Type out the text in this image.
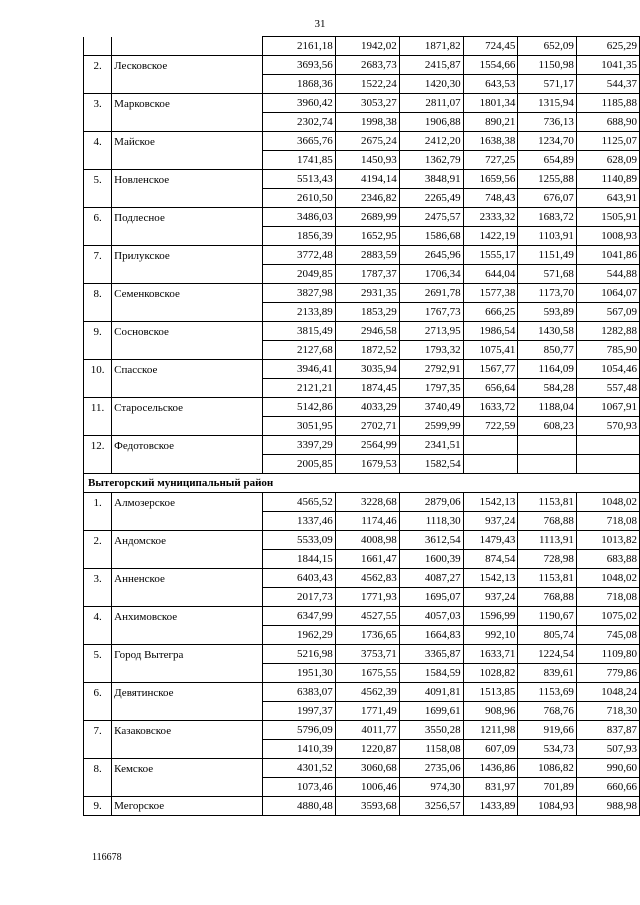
31
		2161,18	1942,02	1871,82	724,45	652,09	625,29
2.	Лесковское	3693,56	2683,73	2415,87	1554,66	1150,98	1041,35
		1868,36	1522,24	1420,30	643,53	571,17	544,37
3.	Марковское	3960,42	3053,27	2811,07	1801,34	1315,94	1185,88
		2302,74	1998,38	1906,88	890,21	736,13	688,90
4.	Майское	3665,76	2675,24	2412,20	1638,38	1234,70	1125,07
		1741,85	1450,93	1362,79	727,25	654,89	628,09
5.	Новленское	5513,43	4194,14	3848,91	1659,56	1255,88	1140,89
		2610,50	2346,82	2265,49	748,43	676,07	643,91
6.	Подлесное	3486,03	2689,99	2475,57	2333,32	1683,72	1505,91
		1856,39	1652,95	1586,68	1422,19	1103,91	1008,93
7.	Прилукское	3772,48	2883,59	2645,96	1555,17	1151,49	1041,86
		2049,85	1787,37	1706,34	644,04	571,68	544,88
8.	Семенковское	3827,98	2931,35	2691,78	1577,38	1173,70	1064,07
		2133,89	1853,29	1767,73	666,25	593,89	567,09
9.	Сосновское	3815,49	2946,58	2713,95	1986,54	1430,58	1282,88
		2127,68	1872,52	1793,32	1075,41	850,77	785,90
10.	Спасское	3946,41	3035,94	2792,91	1567,77	1164,09	1054,46
		2121,21	1874,45	1797,35	656,64	584,28	557,48
11.	Старосельское	5142,86	4033,29	3740,49	1633,72	1188,04	1067,91
		3051,95	2702,71	2599,99	722,59	608,23	570,93
12.	Федотовское	3397,29	2564,99	2341,51			
		2005,85	1679,53	1582,54			
Вытегорский муниципальный район							
1.	Алмозерское	4565,52	3228,68	2879,06	1542,13	1153,81	1048,02
		1337,46	1174,46	1118,30	937,24	768,88	718,08
2.	Андомское	5533,09	4008,98	3612,54	1479,43	1113,91	1013,82
		1844,15	1661,47	1600,39	874,54	728,98	683,88
3.	Анненское	6403,43	4562,83	4087,27	1542,13	1153,81	1048,02
		2017,73	1771,93	1695,07	937,24	768,88	718,08
4.	Анхимовское	6347,99	4527,55	4057,03	1596,99	1190,67	1075,02
		1962,29	1736,65	1664,83	992,10	805,74	745,08
5.	Город Вытегра	5216,98	3753,71	3365,87	1633,71	1224,54	1109,80
		1951,30	1675,55	1584,59	1028,82	839,61	779,86
6.	Девятинское	6383,07	4562,39	4091,81	1513,85	1153,69	1048,24
		1997,37	1771,49	1699,61	908,96	768,76	718,30
7.	Казаковское	5796,09	4011,77	3550,28	1211,98	919,66	837,87
		1410,39	1220,87	1158,08	607,09	534,73	507,93
8.	Кемское	4301,52	3060,68	2735,06	1436,86	1086,82	990,60
		1073,46	1006,46	974,30	831,97	701,89	660,66
9.	Мегорское	4880,48	3593,68	3256,57	1433,89	1084,93	988,98
116678
